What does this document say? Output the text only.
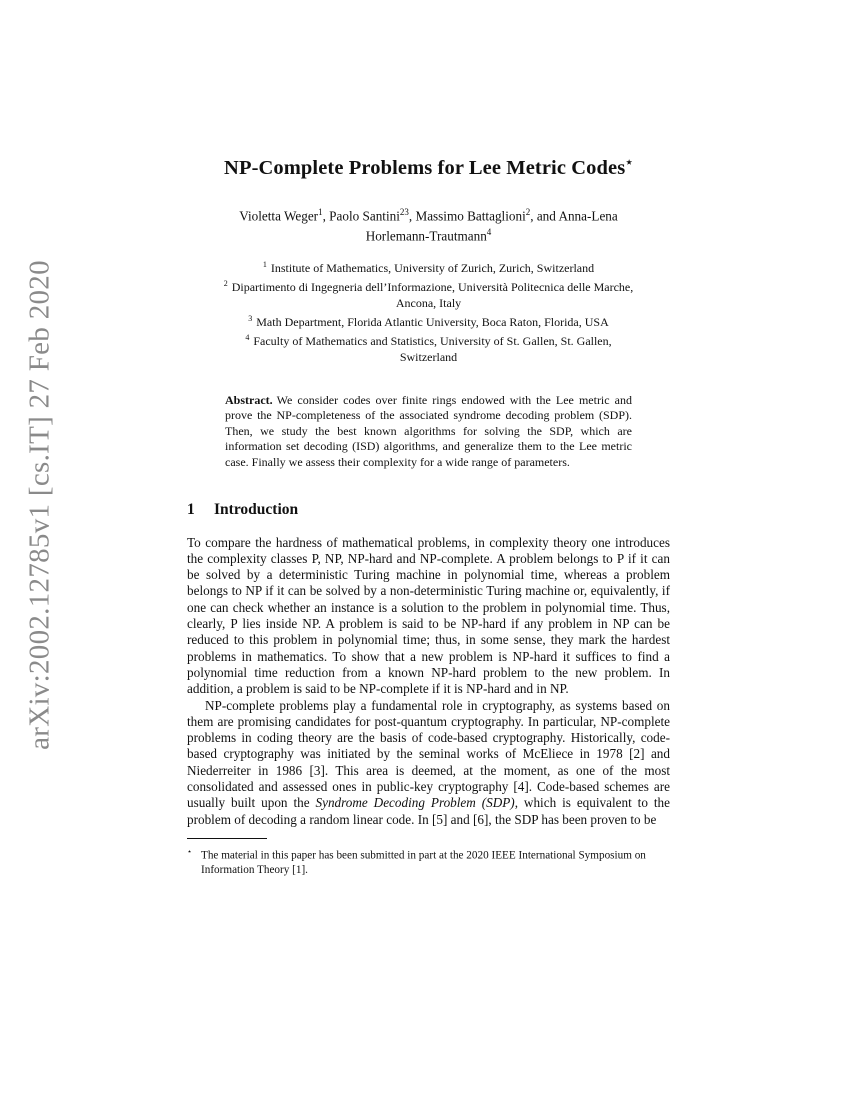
arXiv:2002.12785v1 [cs.IT] 27 Feb 2020
NP-Complete Problems for Lee Metric Codes⋆
Violetta Weger$^1$, Paolo Santini$^{23}$, Massimo Battaglioni$^2$, and Anna-Lena
Horlemann-Trautmann$^4$
$^1$ Institute of Mathematics, University of Zurich, Zurich, Switzerland
$^2$ Dipartimento di Ingegneria dell’Informazione, Università Politecnica delle Marche,
Ancona, Italy
$^3$ Math Department, Florida Atlantic University, Boca Raton, Florida, USA
$^4$ Faculty of Mathematics and Statistics, University of St. Gallen, St. Gallen,
Switzerland
Abstract. We consider codes over finite rings endowed with the Lee metric and prove the NP-completeness of the associated syndrome decoding problem (SDP). Then, we study the best known algorithms for solving the SDP, which are information set decoding (ISD) algorithms, and generalize them to the Lee metric case. Finally we assess their complexity for a wide range of parameters.
1 Introduction

To compare the hardness of mathematical problems, in complexity theory one introduces the complexity classes P, NP, NP-hard and NP-complete. A problem belongs to P if it can be solved by a deterministic Turing machine in polynomial time, whereas a problem belongs to NP if it can be solved by a non-deterministic Turing machine or, equivalently, if one can check whether an instance is a solution to the problem in polynomial time. Thus, clearly, P lies inside NP. A problem is said to be NP-hard if any problem in NP can be reduced to this problem in polynomial time; thus, in some sense, they mark the hardest problems in mathematics. To show that a new problem is NP-hard it suffices to find a polynomial time reduction from a known NP-hard problem to the new problem. In addition, a problem is said to be NP-complete if it is NP-hard and in NP.

NP-complete problems play a fundamental role in cryptography, as systems based on them are promising candidates for post-quantum cryptography. In particular, NP-complete problems in coding theory are the basis of code-based cryptography. Historically, code-based cryptography was initiated by the seminal works of McEliece in 1978 [2] and Niederreiter in 1986 [3]. This area is deemed, at the moment, as one of the most consolidated and assessed ones in public-key cryptography [4]. Code-based schemes are usually built upon the Syndrome Decoding Problem (SDP), which is equivalent to the problem of decoding a random linear code. In [5] and [6], the SDP has been proven to be

⋆ The material in this paper has been submitted in part at the 2020 IEEE International Symposium on Information Theory [1].
